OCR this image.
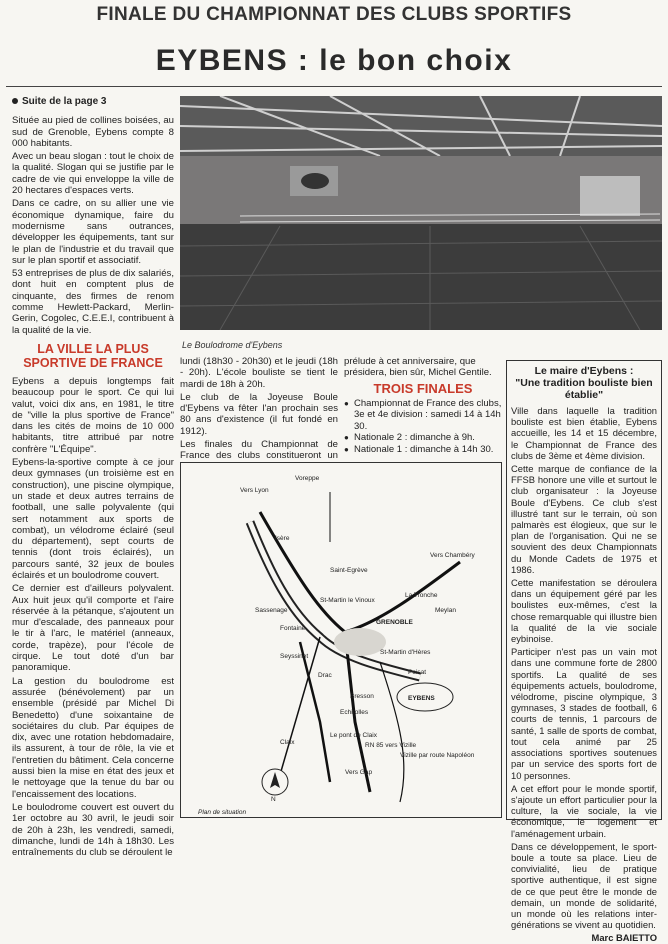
FINALE DU CHAMPIONNAT DES CLUBS SPORTIFS
EYBENS : le bon choix

Suite de la page 3

Située au pied de collines boisées, au sud de Grenoble, Eybens compte 8 000 habitants.

Avec un beau slogan : tout le choix de la qualité. Slogan qui se justifie par le cadre de vie qui enveloppe la ville de 20 hectares d'espaces verts.

Dans ce cadre, on su allier une vie économique dynamique, faire du modernisme sans outrances, développer les équipements, tant sur le plan de l'industrie et du travail que sur le plan sportif et associatif.

53 entreprises de plus de dix salariés, dont huit en comptent plus de cinquante, des firmes de renom comme Hewlett-Packard, Merlin-Gerin, Cogolec, C.E.E.I, contribuent à la qualité de la vie.

LA VILLE LA PLUS SPORTIVE DE FRANCE

Eybens a depuis longtemps fait beaucoup pour le sport. Ce qui lui valut, voici dix ans, en 1981, le titre de "ville la plus sportive de France" dans les cités de moins de 10 000 habitants, titre attribué par notre confrère "L'Équipe".

Eybens-la-sportive compte à ce jour deux gymnases (un troisième est en construction), une piscine olympique, un stade et deux autres terrains de football, une salle polyvalente (qui sert notamment aux sports de combat), un vélodrome éclairé (seul du département), sept courts de tennis (dont trois éclairés), un parcours santé, 32 jeux de boules éclairés et un boulodrome couvert.

Ce dernier est d'ailleurs polyvalent. Aux huit jeux qu'il comporte et l'aire réservée à la pétanque, s'ajoutent un mur d'escalade, des panneaux pour le tir à l'arc, le matériel (anneaux, corde, trapèze), pour l'école de cirque. Le tout doté d'un bar panoramique.

La gestion du boulodrome est assurée (bénévolement) par un ensemble (présidé par Michel Di Benedetto) d'une soixantaine de sociétaires du club. Par équipes de dix, avec une rotation hebdomadaire, ils assurent, à tour de rôle, la vie et l'entretien du bâtiment. Cela concerne aussi bien la mise en état des jeux et le nettoyage que la tenue du bar ou l'encaissement des locations.

Le boulodrome couvert est ouvert du 1er octobre au 30 avril, le jeudi soir de 20h à 23h, les vendredi, samedi, dimanche, lundi de 14h à 18h30. Les entraînements du club se déroulent le

Le Boulodrome d'Eybens

lundi (18h30 - 20h30) et le jeudi (18h - 20h). L'école bouliste se tient le mardi de 18h à 20h.

Le club de la Joyeuse Boule d'Eybens va fêter l'an prochain ses 80 ans d'existence (il fut fondé en 1912).

Les finales du Championnat de France des clubs constitueront un

prélude à cet anniversaire, que présidera, bien sûr, Michel Gentile.

TROIS FINALES
● Championnat de France des clubs, 3e et 4e division : samedi 14 à 14h 30.
● Nationale 2 : dimanche à 9h.
● Nationale 1 : dimanche à 14h 30.
Voreppe
Vers Lyon
Isère
Vers Chambéry
Saint-Egrève
St-Martin le Vinoux
La Tronche
Meylan
GRENOBLE
St-Martin d'Hères
Sassenage
Fontaine
Seyssinet
Drac	Poisat
EYBENS
Bresson
Echirolles
Le pont de Claix
Claix
Vers Gap
Vizille par route Napoléon
RN 85 vers Vizille
N
Plan de situation
Le maire d'Eybens :
"Une tradition bouliste bien établie"

Ville dans laquelle la tradition bouliste est bien établie, Eybens accueille, les 14 et 15 décembre, le Championnat de France des clubs de 3ème et 4ème division.

Cette marque de confiance de la FFSB honore une ville et surtout le club organisateur : la Joyeuse Boule d'Eybens. Ce club s'est illustré tant sur le terrain, où son palmarès est élogieux, que sur le plan de l'organisation. Qui ne se souvient des deux Championnats du Monde Cadets de 1975 et 1986.

Cette manifestation se déroulera dans un équipement géré par les boulistes eux-mêmes, c'est la chose remarquable qui illustre bien la qualité de la vie sociale eybinoise.

Participer n'est pas un vain mot dans une commune forte de 2800 sportifs. La qualité de ses équipements actuels, boulodrome, vélodrome, piscine olympique, 3 gymnases, 3 stades de football, 6 courts de tennis, 1 parcours de santé, 1 salle de sports de combat, tout cela animé par 25 associations sportives soutenues par un service des sports fort de 10 personnes.

A cet effort pour le monde sportif, s'ajoute un effort particulier pour la culture, la vie sociale, la vie économique, le logement et l'aménagement urbain.

Dans ce développement, le sport-boule a toute sa place. Lieu de convivialité, lieu de pratique sportive authentique, il est signe de ce que peut être le monde de demain, un monde de solidarité, un monde où les relations inter-générations se vivent au quotidien.

Marc BAIETTO
